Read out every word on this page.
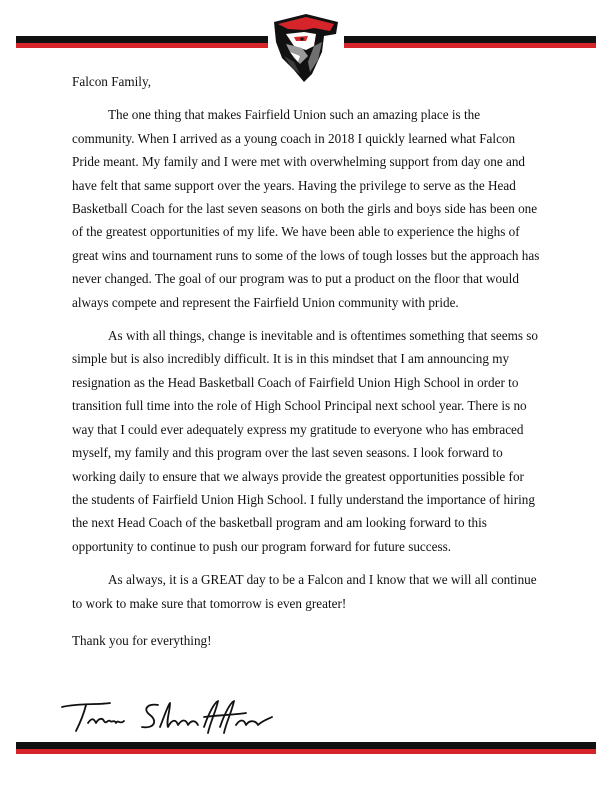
Falcon Family,

The one thing that makes Fairfield Union such an amazing place is the community. When I arrived as a young coach in 2018 I quickly learned what Falcon Pride meant. My family and I were met with overwhelming support from day one and have felt that same support over the years. Having the privilege to serve as the Head Basketball Coach for the last seven seasons on both the girls and boys side has been one of the greatest opportunities of my life. We have been able to experience the highs of great wins and tournament runs to some of the lows of tough losses but the approach has never changed. The goal of our program was to put a product on the floor that would always compete and represent the Fairfield Union community with pride.

As with all things, change is inevitable and is oftentimes something that seems so simple but is also incredibly difficult. It is in this mindset that I am announcing my resignation as the Head Basketball Coach of Fairfield Union High School in order to transition full time into the role of High School Principal next school year. There is no way that I could ever adequately express my gratitude to everyone who has embraced myself, my family and this program over the last seven seasons. I look forward to working daily to ensure that we always provide the greatest opportunities possible for the students of Fairfield Union High School. I fully understand the importance of hiring the next Head Coach of the basketball program and am looking forward to this opportunity to continue to push our program forward for future success.

As always, it is a GREAT day to be a Falcon and I know that we will all continue to work to make sure that tomorrow is even greater!

Thank you for everything!
